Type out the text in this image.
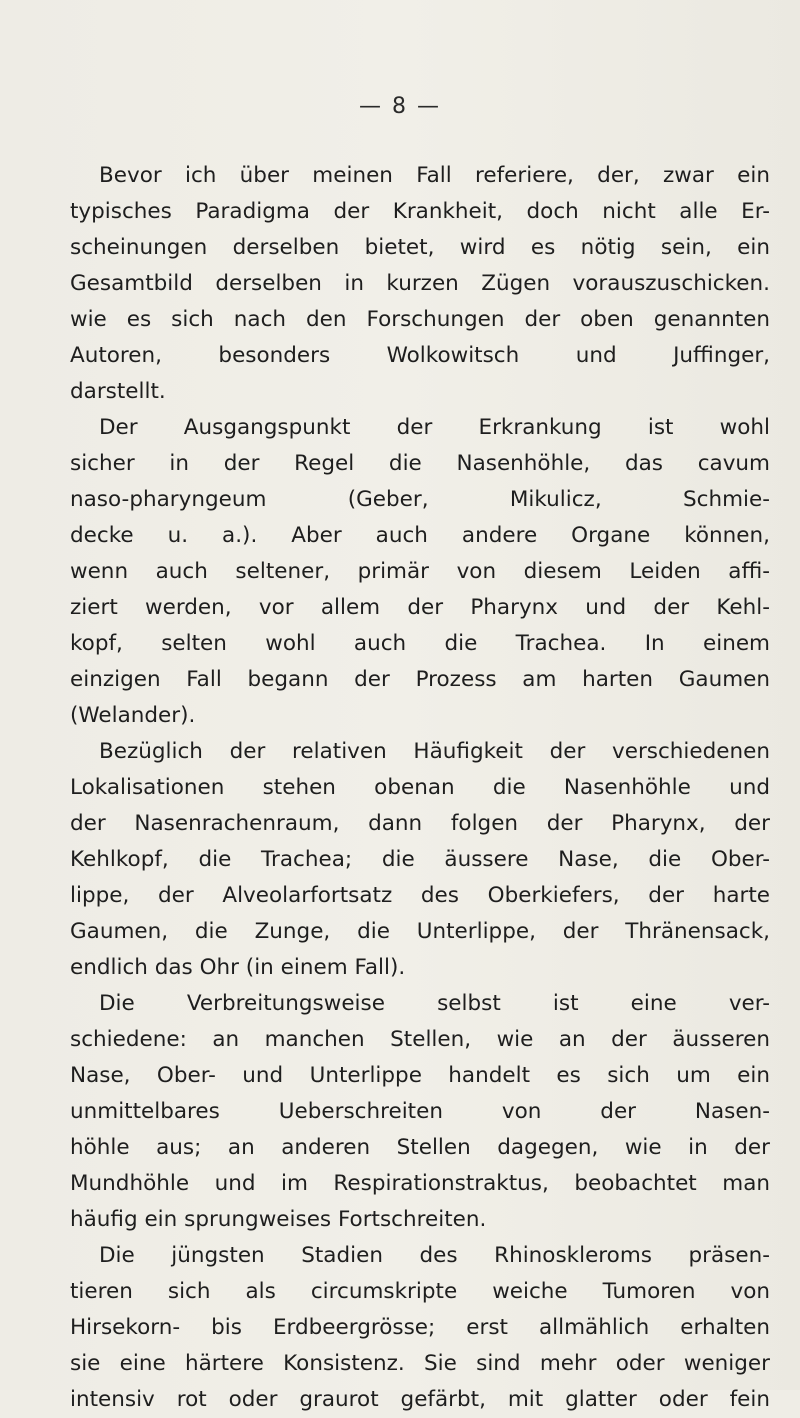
— 8 —
Bevor ich über meinen Fall referiere, der, zwar ein
typisches Paradigma der Krankheit, doch nicht alle Er-
scheinungen derselben bietet, wird es nötig sein, ein
Gesamtbild derselben in kurzen Zügen vorauszuschicken.
wie es sich nach den Forschungen der oben genannten
Autoren, besonders Wolkowitsch und Juffinger,
darstellt.
Der Ausgangspunkt der Erkrankung ist wohl
sicher in der Regel die Nasenhöhle, das cavum
naso-pharyngeum (Geber, Mikulicz, Schmie-
decke u. a.). Aber auch andere Organe können,
wenn auch seltener, primär von diesem Leiden affi-
ziert werden, vor allem der Pharynx und der Kehl-
kopf, selten wohl auch die Trachea. In einem
einzigen Fall begann der Prozess am harten Gaumen
(Welander).
Bezüglich der relativen Häufigkeit der verschiedenen
Lokalisationen stehen obenan die Nasenhöhle und
der Nasenrachenraum, dann folgen der Pharynx, der
Kehlkopf, die Trachea; die äussere Nase, die Ober-
lippe, der Alveolarfortsatz des Oberkiefers, der harte
Gaumen, die Zunge, die Unterlippe, der Thränensack,
endlich das Ohr (in einem Fall).
Die Verbreitungsweise selbst ist eine ver-
schiedene: an manchen Stellen, wie an der äusseren
Nase, Ober- und Unterlippe handelt es sich um ein
unmittelbares Ueberschreiten von der Nasen-
höhle aus; an anderen Stellen dagegen, wie in der
Mundhöhle und im Respirationstraktus, beobachtet man
häufig ein sprungweises Fortschreiten.
Die jüngsten Stadien des Rhinoskleroms präsen-
tieren sich als circumskripte weiche Tumoren von
Hirsekorn- bis Erdbeergrösse; erst allmählich erhalten
sie eine härtere Konsistenz. Sie sind mehr oder weniger
intensiv rot oder graurot gefärbt, mit glatter oder fein
